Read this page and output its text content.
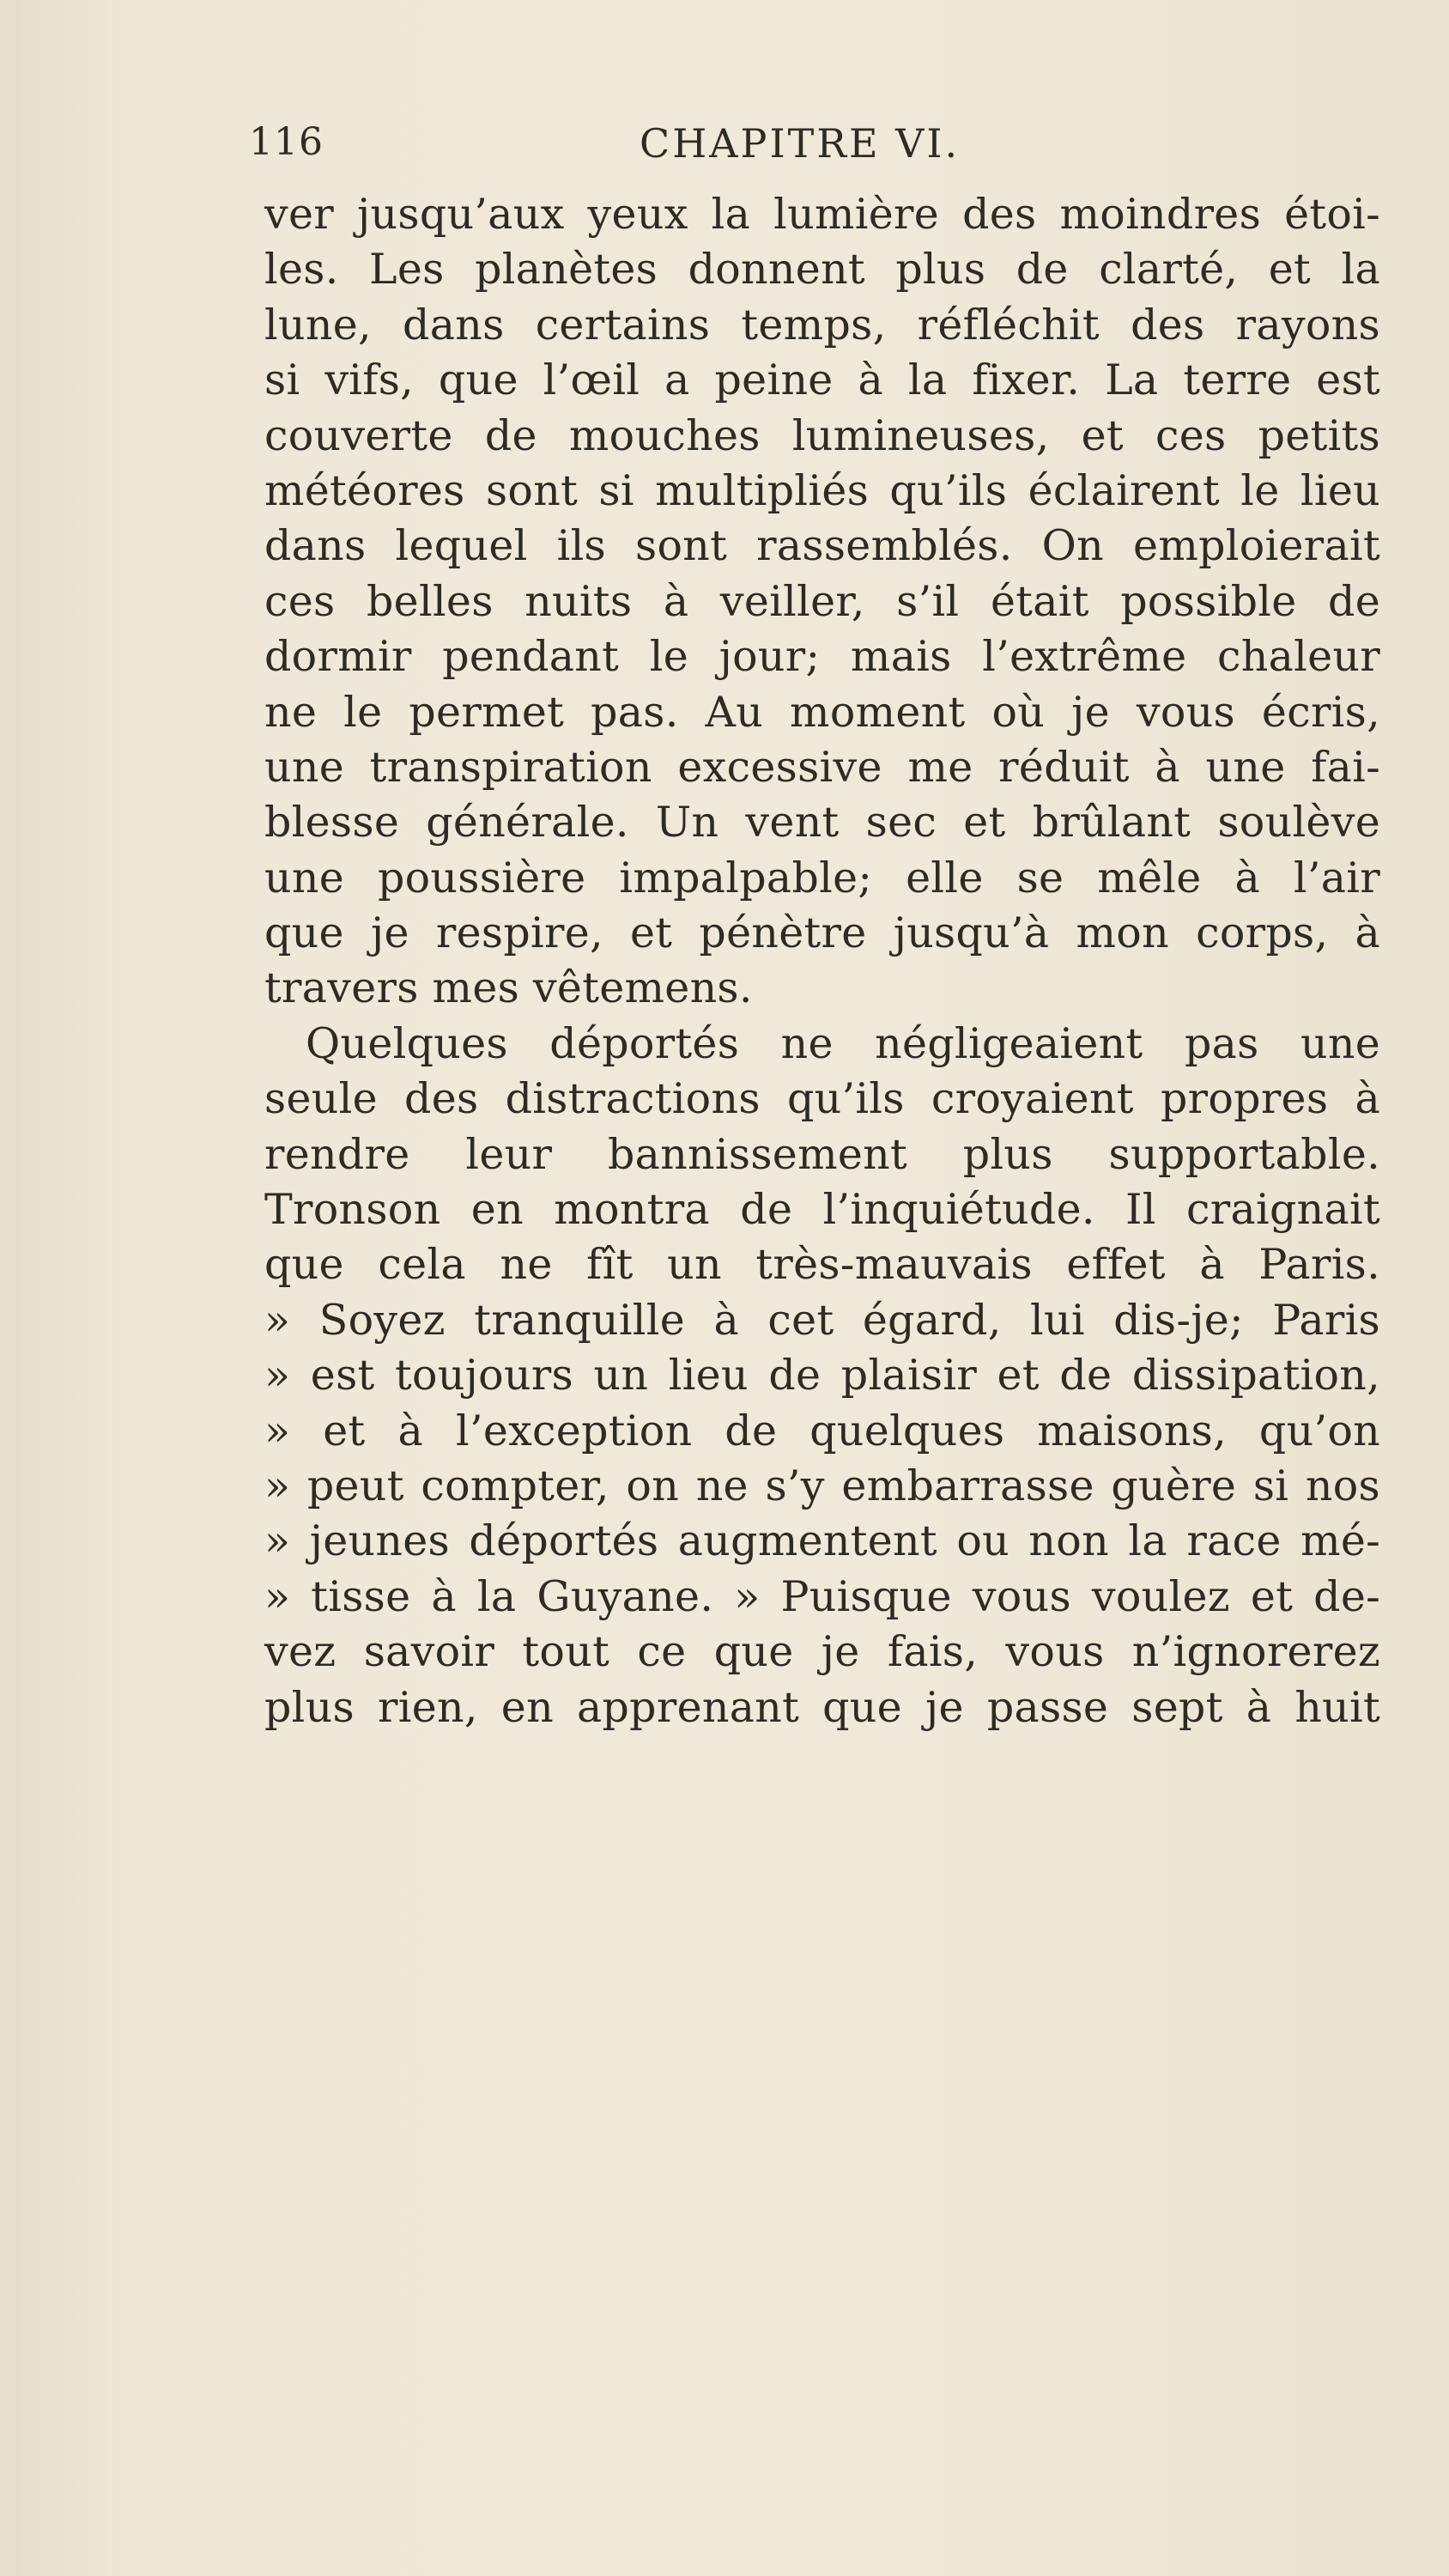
116	CHAPITRE VI.
ver jusqu’aux yeux la lumière des moindres étoi-
les. Les planètes donnent plus de clarté, et la
lune, dans certains temps, réfléchit des rayons
si vifs, que l’œil a peine à la fixer. La terre est
couverte de mouches lumineuses, et ces petits
météores sont si multipliés qu’ils éclairent le lieu
dans lequel ils sont rassemblés. On emploierait
ces belles nuits à veiller, s’il était possible de
dormir pendant le jour; mais l’extrême chaleur
ne le permet pas. Au moment où je vous écris,
une transpiration excessive me réduit à une fai-
blesse générale. Un vent sec et brûlant soulève
une poussière impalpable; elle se mêle à l’air
que je respire, et pénètre jusqu’à mon corps, à
travers mes vêtemens.
Quelques déportés ne négligeaient pas une
seule des distractions qu’ils croyaient propres à
rendre leur bannissement plus supportable.
Tronson en montra de l’inquiétude. Il craignait
que cela ne fît un très-mauvais effet à Paris.
» Soyez tranquille à cet égard, lui dis-je; Paris
» est toujours un lieu de plaisir et de dissipation,
» et à l’exception de quelques maisons, qu’on
» peut compter, on ne s’y embarrasse guère si nos
» jeunes déportés augmentent ou non la race mé-
» tisse à la Guyane. » Puisque vous voulez et de-
vez savoir tout ce que je fais, vous n’ignorerez
plus rien, en apprenant que je passe sept à huit
